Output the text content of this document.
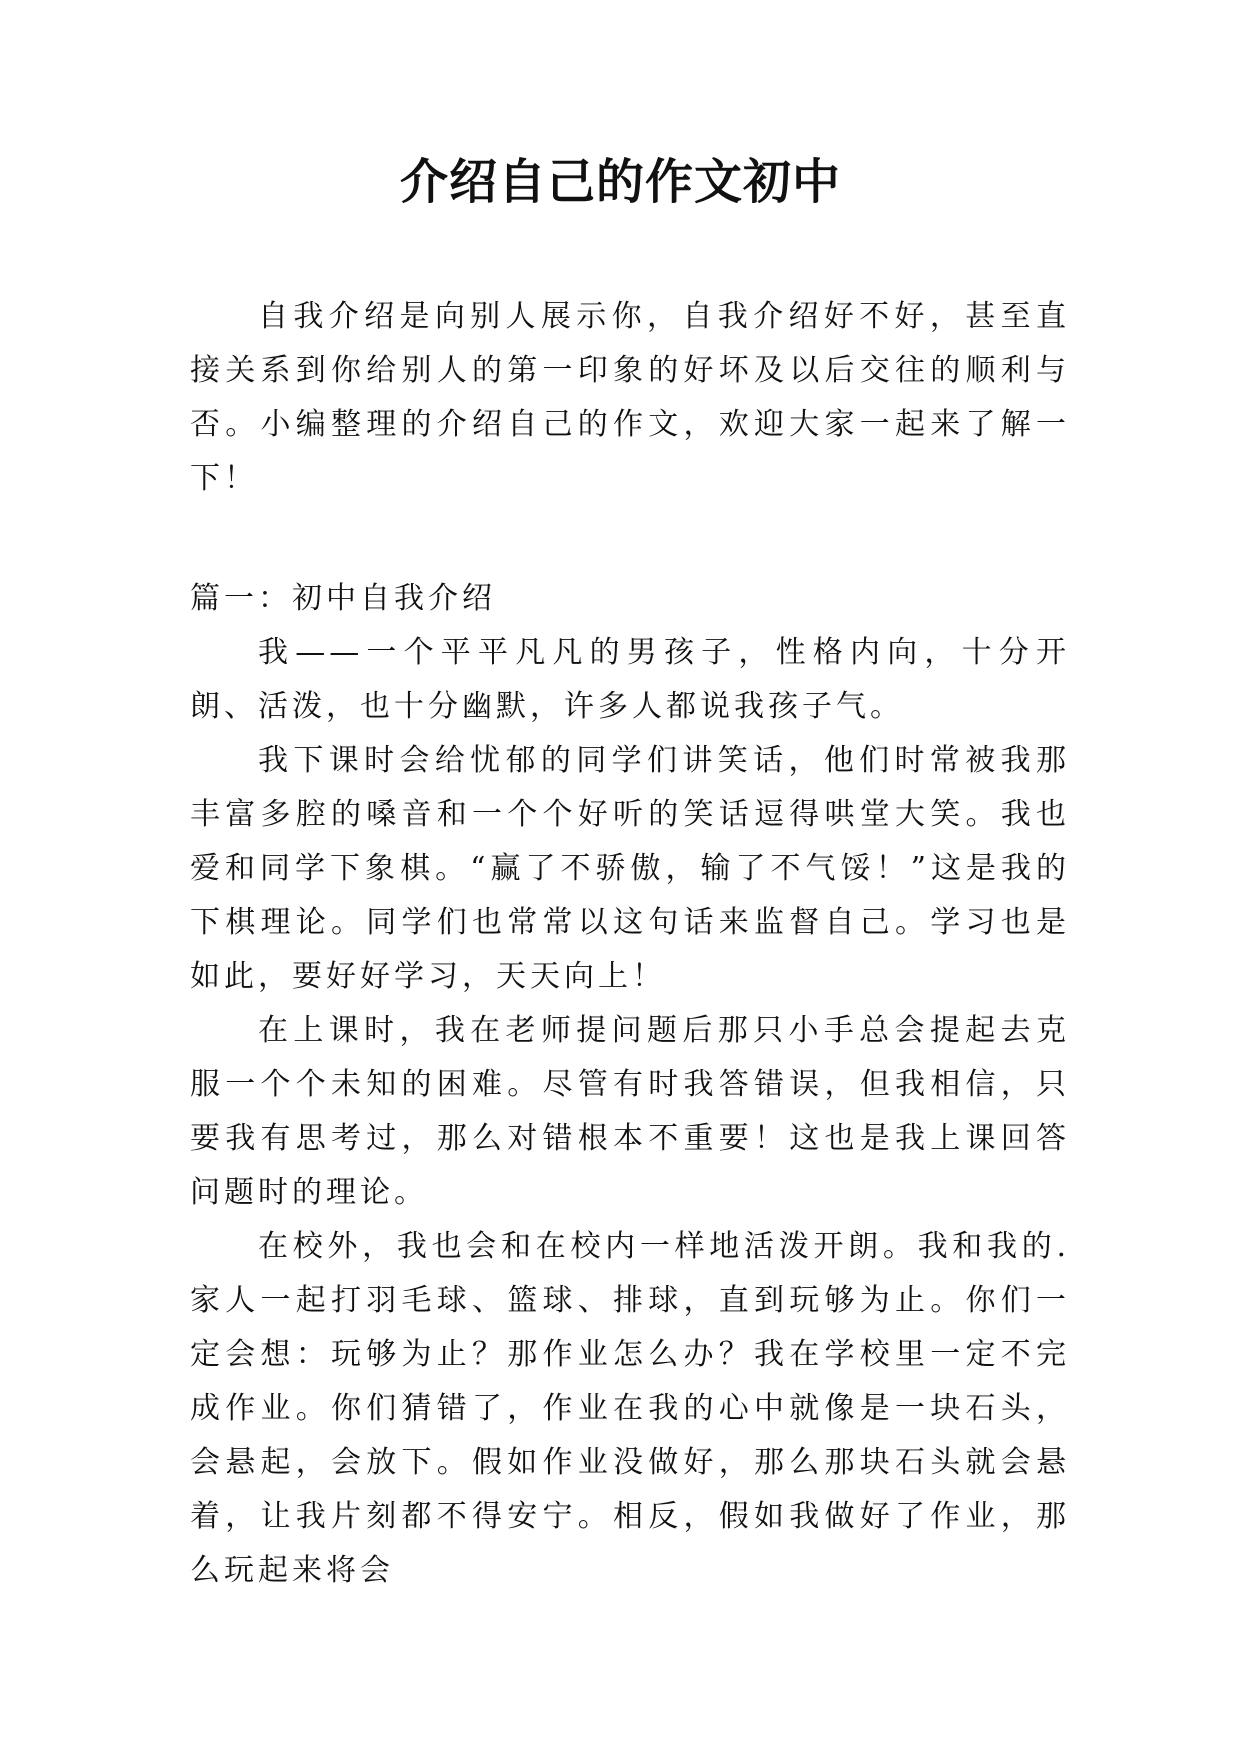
介绍自己的作文初中

自我介绍是向别人展示你，自我介绍好不好，甚至直接关系到你给别人的第一印象的好坏及以后交往的顺利与否。小编整理的介绍自己的作文，欢迎大家一起来了解一下！

篇一：初中自我介绍

我——一个平平凡凡的男孩子，性格内向，十分开朗、活泼，也十分幽默，许多人都说我孩子气。

我下课时会给忧郁的同学们讲笑话，他们时常被我那丰富多腔的嗓音和一个个好听的笑话逗得哄堂大笑。我也爱和同学下象棋。“赢了不骄傲，输了不气馁！”这是我的下棋理论。同学们也常常以这句话来监督自己。学习也是如此，要好好学习，天天向上！

在上课时，我在老师提问题后那只小手总会提起去克服一个个未知的困难。尽管有时我答错误，但我相信，只要我有思考过，那么对错根本不重要！这也是我上课回答问题时的理论。

在校外，我也会和在校内一样地活泼开朗。我和我的.家人一起打羽毛球、篮球、排球，直到玩够为止。你们一定会想：玩够为止？那作业怎么办？我在学校里一定不完成作业。你们猜错了，作业在我的心中就像是一块石头，会悬起，会放下。假如作业没做好，那么那块石头就会悬着，让我片刻都不得安宁。相反，假如我做好了作业，那么玩起来将会
